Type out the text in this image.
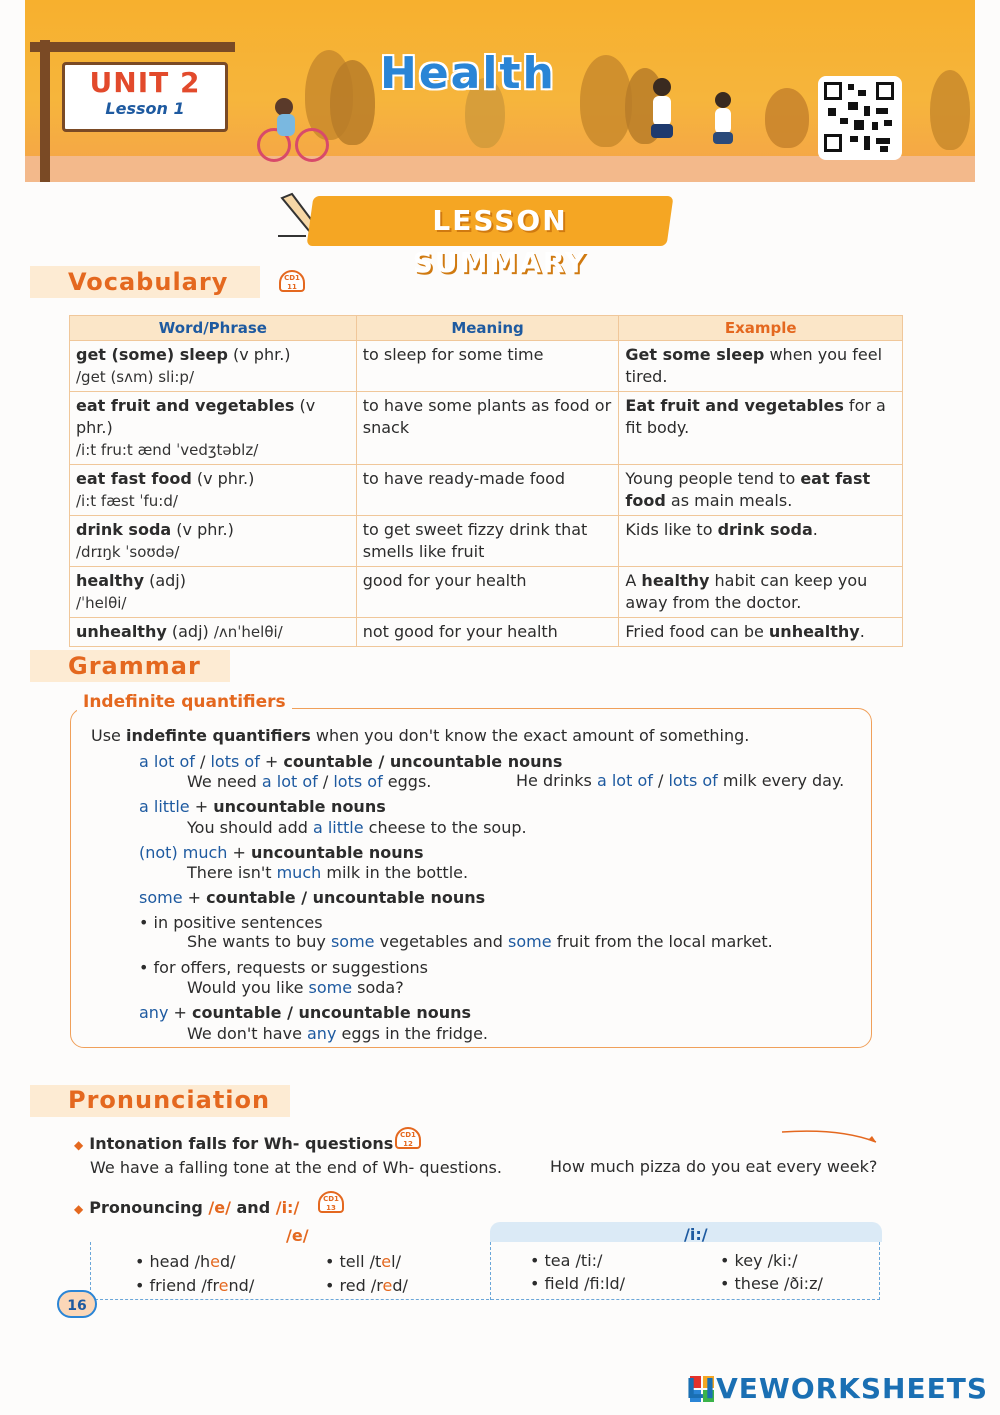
UNIT 2
Lesson 1
Health
LESSON SUMMARY
Vocabulary	CD1
11
Word/Phrase	Meaning	Example
get (some) sleep (v phr.)
/get (sʌm) sli:p/	to sleep for some time	Get some sleep when you feel tired.
eat fruit and vegetables (v phr.)
/i:t fru:t ænd ˈvedʒtəblz/	to have some plants as food or snack	Eat fruit and vegetables for a fit body.
eat fast food (v phr.)
/i:t fæst ˈfu:d/	to have ready-made food	Young people tend to eat fast food as main meals.
drink soda (v phr.)
/drɪŋk ˈsoʊdə/	to get sweet fizzy drink that smells like fruit	Kids like to drink soda.
healthy (adj)
/ˈhelθi/	good for your health	A healthy habit can keep you away from the doctor.
unhealthy (adj) /ʌnˈhelθi/	not good for your health	Fried food can be unhealthy.
Grammar
Indefinite quantifiers
Use indefinte quantifiers when you don't know the exact amount of something.
a lot of / lots of + countable / uncountable nouns
We need a lot of / lots of eggs.	He drinks a lot of / lots of milk every day.
a little + uncountable nouns
You should add a little cheese to the soup.
(not) much + uncountable nouns
There isn't much milk in the bottle.
some + countable / uncountable nouns
• in positive sentences
She wants to buy some vegetables and some fruit from the local market.
• for offers, requests or suggestions
Would you like some soda?
any + countable / uncountable nouns
We don't have any eggs in the fridge.
Pronunciation
◆ Intonation falls for Wh- questions CD1
12
We have a falling tone at the end of Wh- questions.	How much pizza do you eat every week?
◆ Pronouncing /e/ and /i:/	CD1
13
/e/	/i:/
• head /hed/	• tell /tel/
• friend /frend/	• red /red/
• tea /ti:/	• key /ki:/
• field /fi:ld/	• these /ði:z/
16
LIVEWORKSHEETS
